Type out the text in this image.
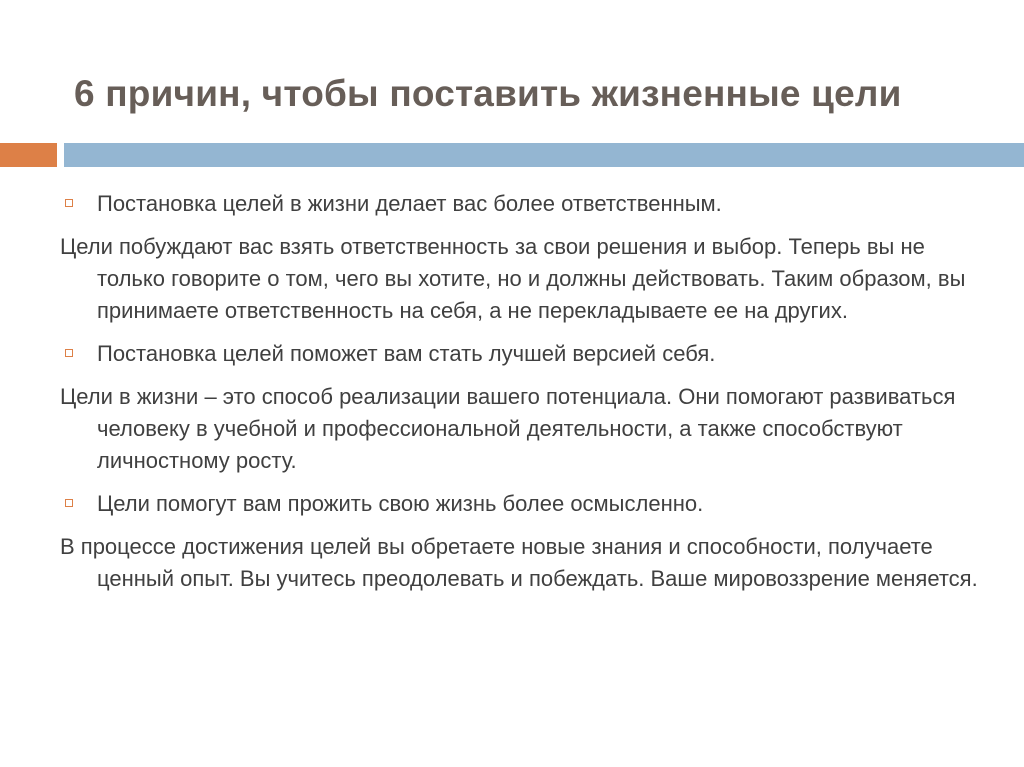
6 причин, чтобы поставить жизненные цели
Постановка целей в жизни делает вас более ответственным.

Цели побуждают вас взять ответственность за свои решения и выбор. Теперь вы не только говорите о том, чего вы хотите, но и должны действовать. Таким образом, вы принимаете ответственность на себя, а не перекладываете ее на других.

Постановка целей поможет вам стать лучшей версией себя.

Цели в жизни – это способ реализации вашего потенциала. Они помогают развиваться человеку в учебной и профессиональной деятельности, а также способствуют личностному росту.

Цели помогут вам прожить свою жизнь более осмысленно.

В процессе достижения целей вы обретаете новые знания и способности, получаете ценный опыт. Вы учитесь преодолевать и побеждать. Ваше мировоззрение меняется.
